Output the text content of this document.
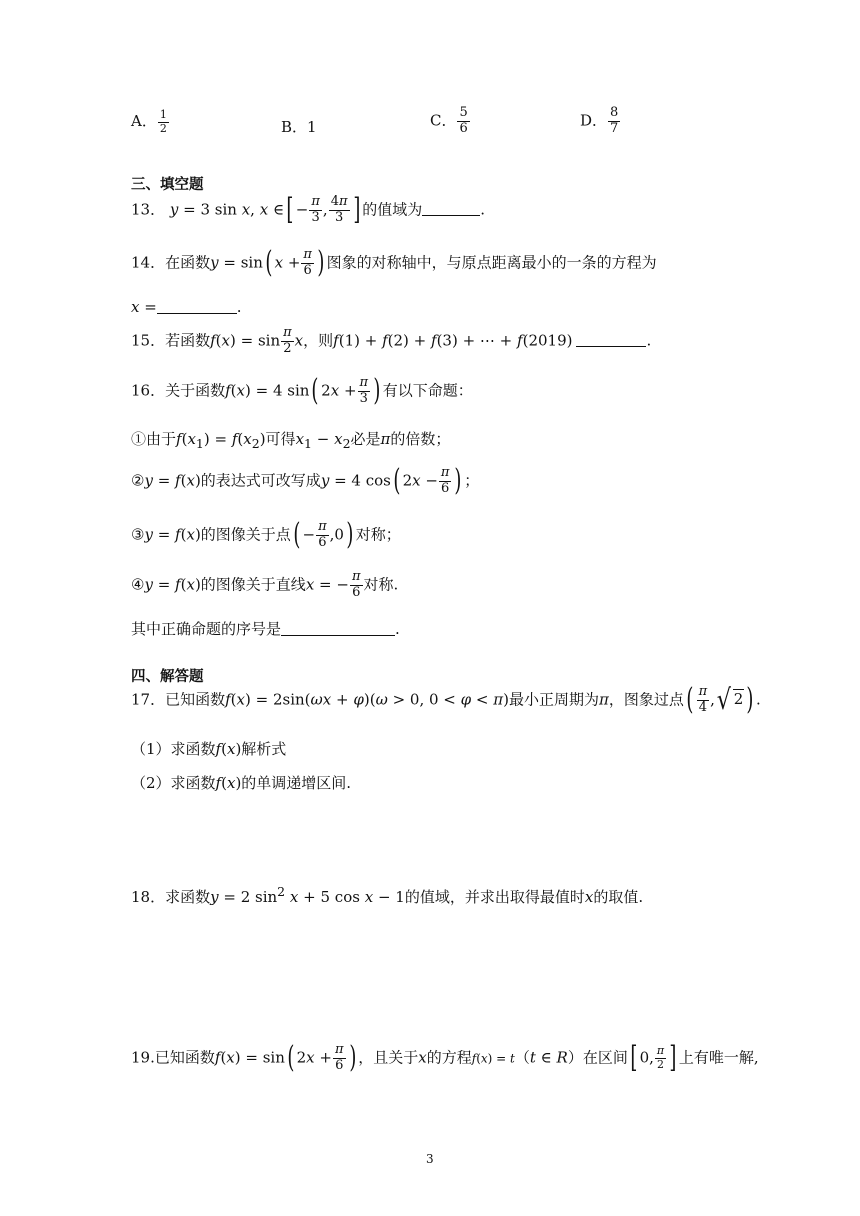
A． $\frac{1}{2}$	B．1	C． $\frac{5}{6}$	D． $\frac{8}{7}$
三、填空题
13． y = 3 sin x, x ∈[ − $\frac{\pi}{3}$ , $\frac{4\pi}{3}$ ] 的值域为	.
14．在函数y = sin( $x + \frac{\pi}{6}$ ) 图象的对称轴中，与原点距离最小的一条的方程为
x =	.
15．若函数$f(x) = \sin \frac{\pi}{2}$ x，则f(1) + f(2) + f(3) + ⋯ + f(2019)	.
16．关于函数f(x) = 4 sin( $2x + \frac{\pi}{3}$ ) 有以下命题：
①由于$f(x_1) = f(x_2)$可得$x_1 - x_2$必是π的倍数；
②y = f(x)的表达式可改写成y = 4 cos( $2x - \frac{\pi}{6}$ ) ；
③y = f(x)的图像关于点( − $\frac{\pi}{6} ,0$) 对称；
④y = f(x)的图像关于直线x = − $\frac{\pi}{6}$ 对称.
其中正确命题的序号是	.
四、解答题
17．已知函数f(x) = 2sin(ωx + φ)(ω > 0, 0 < φ < π)最小正周期为π，图象过点( $\frac{\pi}{4}$ ,√ 2 ) .
（1）求函数f(x)解析式
（2）求函数f(x)的单调递增区间.
18．求函数y = 2 $\sin^2 x + 5$ cos x − 1的值域，并求出取得最值时x的取值.
19.已知函数f(x) = sin( $2x + \frac{\pi}{6}$ ) ，且关于x的方程f(x) = t（t ∈ R）在区间[ 0, $\frac{\pi}{2}$ ] 上有唯一解,
3
